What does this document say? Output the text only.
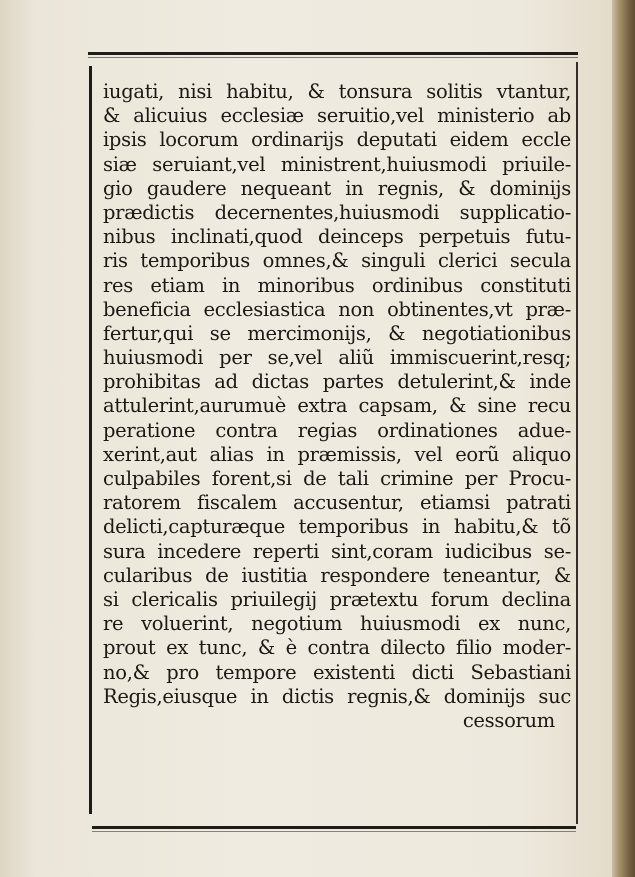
iugati, nisi habitu, & tonsura solitis vtantur,
& alicuius ecclesiæ seruitio,vel ministerio ab
ipsis locorum ordinarijs deputati eidem eccle
siæ seruiant,vel ministrent,huiusmodi priuile-
gio gaudere nequeant in regnis, & dominijs
prædictis decernentes,huiusmodi supplicatio-
nibus inclinati,quod deinceps perpetuis futu-
ris temporibus omnes,& singuli clerici secula
res etiam in minoribus ordinibus constituti
beneficia ecclesiastica non obtinentes,vt præ-
fertur,qui se mercimonijs, & negotiationibus
huiusmodi per se,vel aliũ immiscuerint,resq;
prohibitas ad dictas partes detulerint,& inde
attulerint,aurumuè extra capsam, & sine recu
peratione contra regias ordinationes adue-
xerint,aut alias in præmissis, vel eorũ aliquo
culpabiles forent,si de tali crimine per Procu-
ratorem fiscalem accusentur, etiamsi patrati
delicti,capturæque temporibus in habitu,& tõ
sura incedere reperti sint,coram iudicibus se-
cularibus de iustitia respondere teneantur, &
si clericalis priuilegij prætextu forum declina
re voluerint, negotium huiusmodi ex nunc,
prout ex tunc, & è contra dilecto filio moder-
no,& pro tempore existenti dicti Sebastiani
Regis,eiusque in dictis regnis,& dominijs suc
cessorum
